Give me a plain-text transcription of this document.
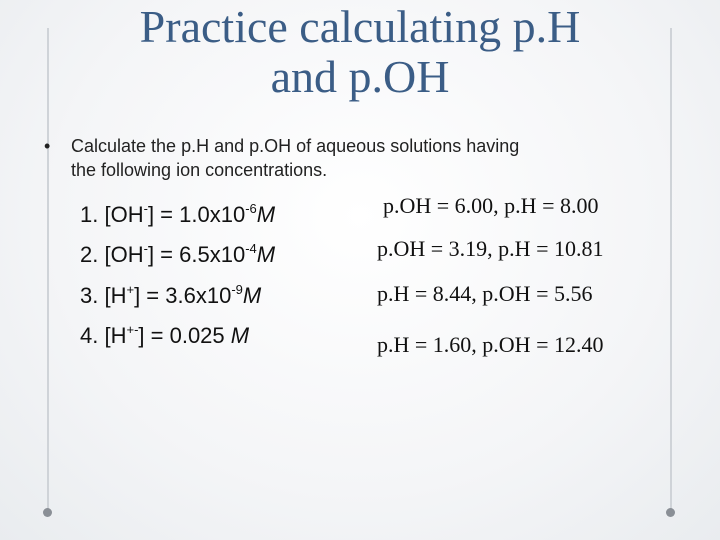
Practice calculating p.H
and p.OH
•	Calculate the p.H and p.OH of aqueous solutions having
the following ion concentrations.
1. $[OH^-] = 1.0x10^{-6}M$
2. $[OH^-] = 6.5x10^{-4}M$
3. $[H^+] = 3.6x10^{-9}M$
4. [H+-] = 0.025 M
p.OH = 6.00, p.H = 8.00
p.OH = 3.19, p.H = 10.81
p.H = 8.44, p.OH = 5.56
p.H = 1.60, p.OH = 12.40
